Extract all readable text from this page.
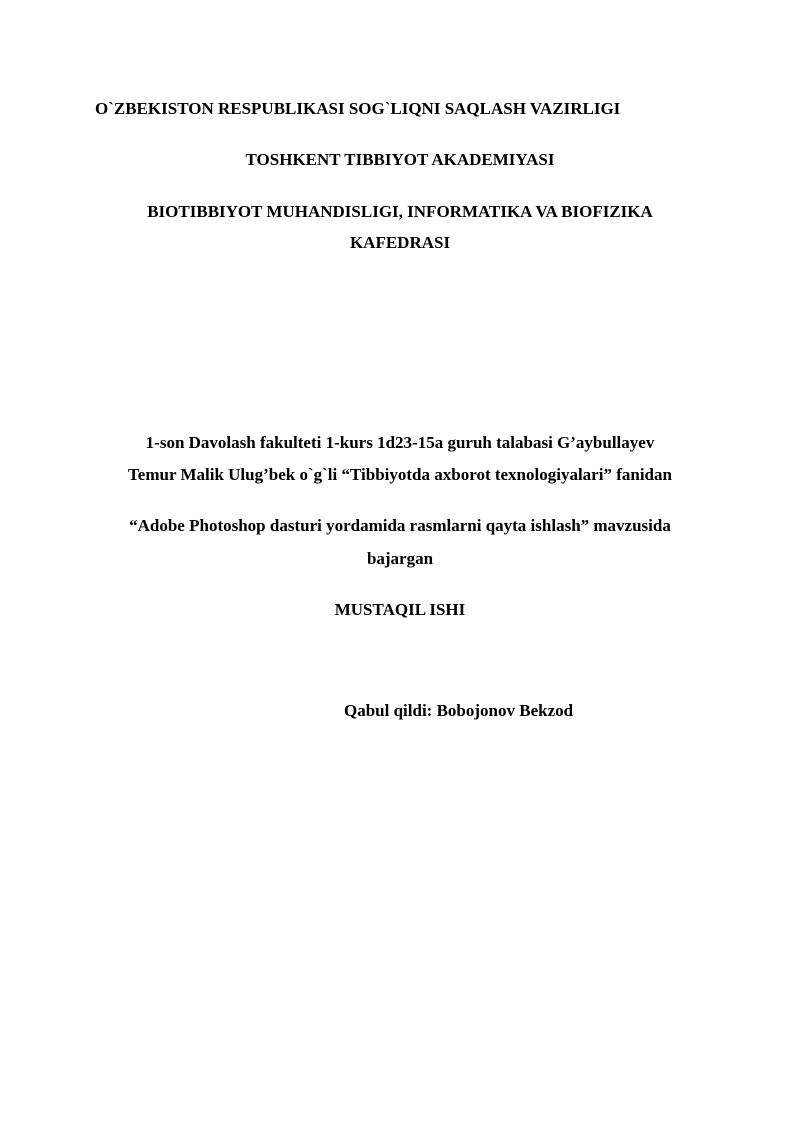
O`ZBEKISTON RESPUBLIKASI SOG`LIQNI SAQLASH VAZIRLIGI
TOSHKENT TIBBIYOT AKADEMIYASI
BIOTIBBIYOT MUHANDISLIGI, INFORMATIKA VA BIOFIZIKA
KAFEDRASI
1-son Davolash fakulteti 1-kurs 1d23-15a guruh talabasi G’aybullayev
Temur Malik Ulug’bek o`g`li “Tibbiyotda axborot texnologiyalari” fanidan
“Adobe Photoshop dasturi yordamida rasmlarni qayta ishlash” mavzusida
bajargan
MUSTAQIL ISHI
Qabul qildi: Bobojonov Bekzod
